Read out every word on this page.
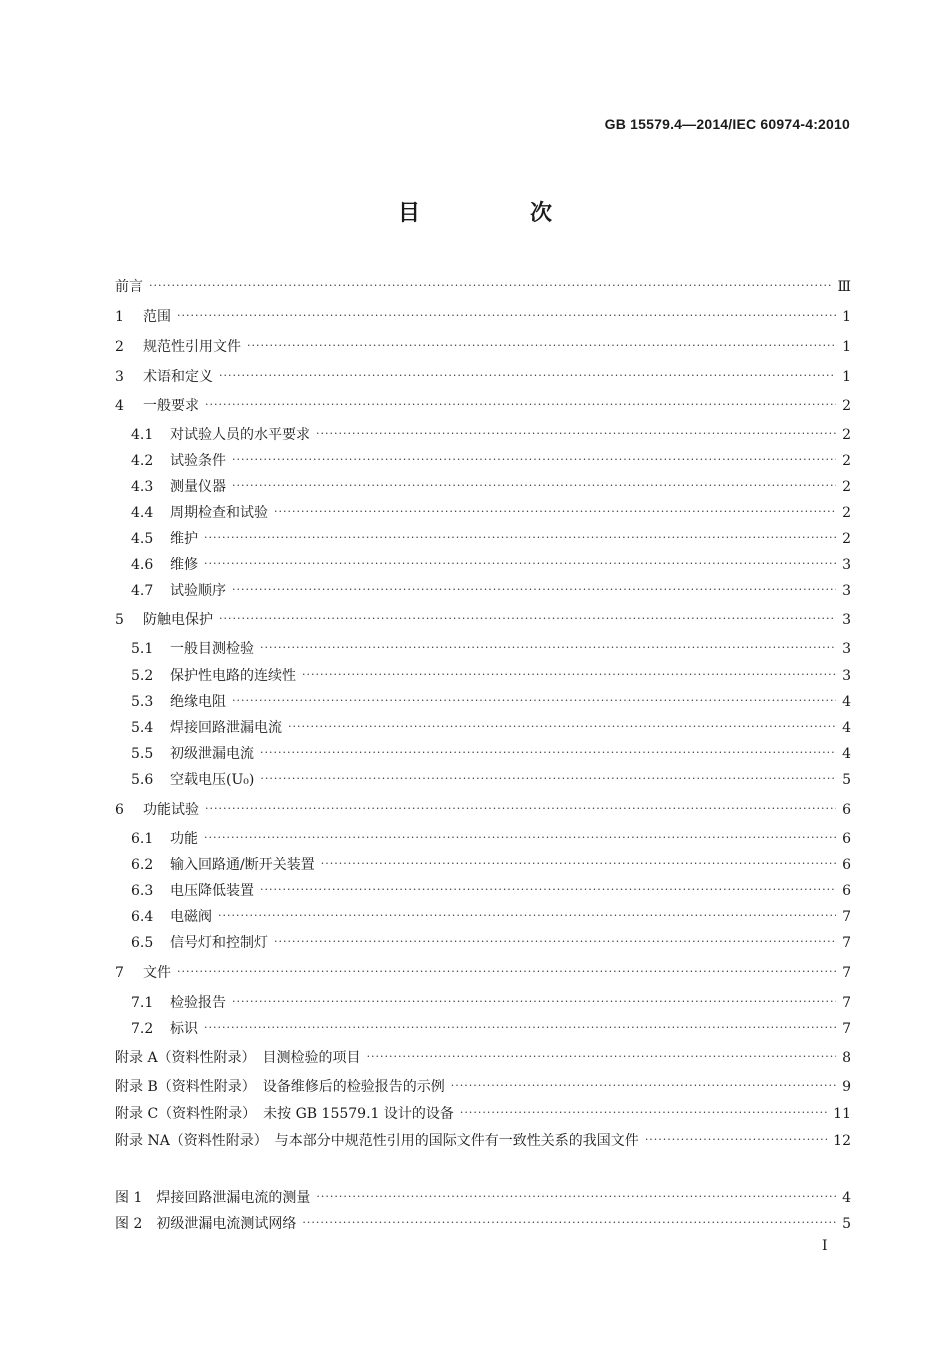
GB 15579.4—2014/IEC 60974-4:2010
目　次
前言 ·····	Ⅲ
1	范围 ·····	1
2	规范性引用文件 ·····	1
3	术语和定义 ·····	1
4	一般要求 ·····	2
4.1	对试验人员的水平要求 ·····	2
4.2	试验条件 ·····	2
4.3	测量仪器 ·····	2
4.4	周期检查和试验 ·····	2
4.5	维护 ·····	2
4.6	维修 ·····	3
4.7	试验顺序 ·····	3
5	防触电保护 ·····	3
5.1	一般目测检验 ·····	3
5.2	保护性电路的连续性 ·····	3
5.3	绝缘电阻 ·····	4
5.4	焊接回路泄漏电流 ·····	4
5.5	初级泄漏电流 ·····	4
5.6	空载电压(U₀) ·····	5
6	功能试验 ·····	6
6.1	功能 ·····	6
6.2	输入回路通/断开关装置 ·····	6
6.3	电压降低装置 ·····	6
6.4	电磁阀 ·····	7
6.5	信号灯和控制灯 ·····	7
7	文件 ·····	7
7.1	检验报告 ·····	7
7.2	标识 ·····	7
附录 A（资料性附录）　目测检验的项目 ·····	8
附录 B（资料性附录）　设备维修后的检验报告的示例 ·····	9
附录 C（资料性附录）　未按 GB 15579.1 设计的设备 ·····	11
附录 NA（资料性附录）　与本部分中规范性引用的国际文件有一致性关系的我国文件 ·····	12
图 1　焊接回路泄漏电流的测量 ·····	4
图 2　初级泄漏电流测试网络 ·····	5
I
